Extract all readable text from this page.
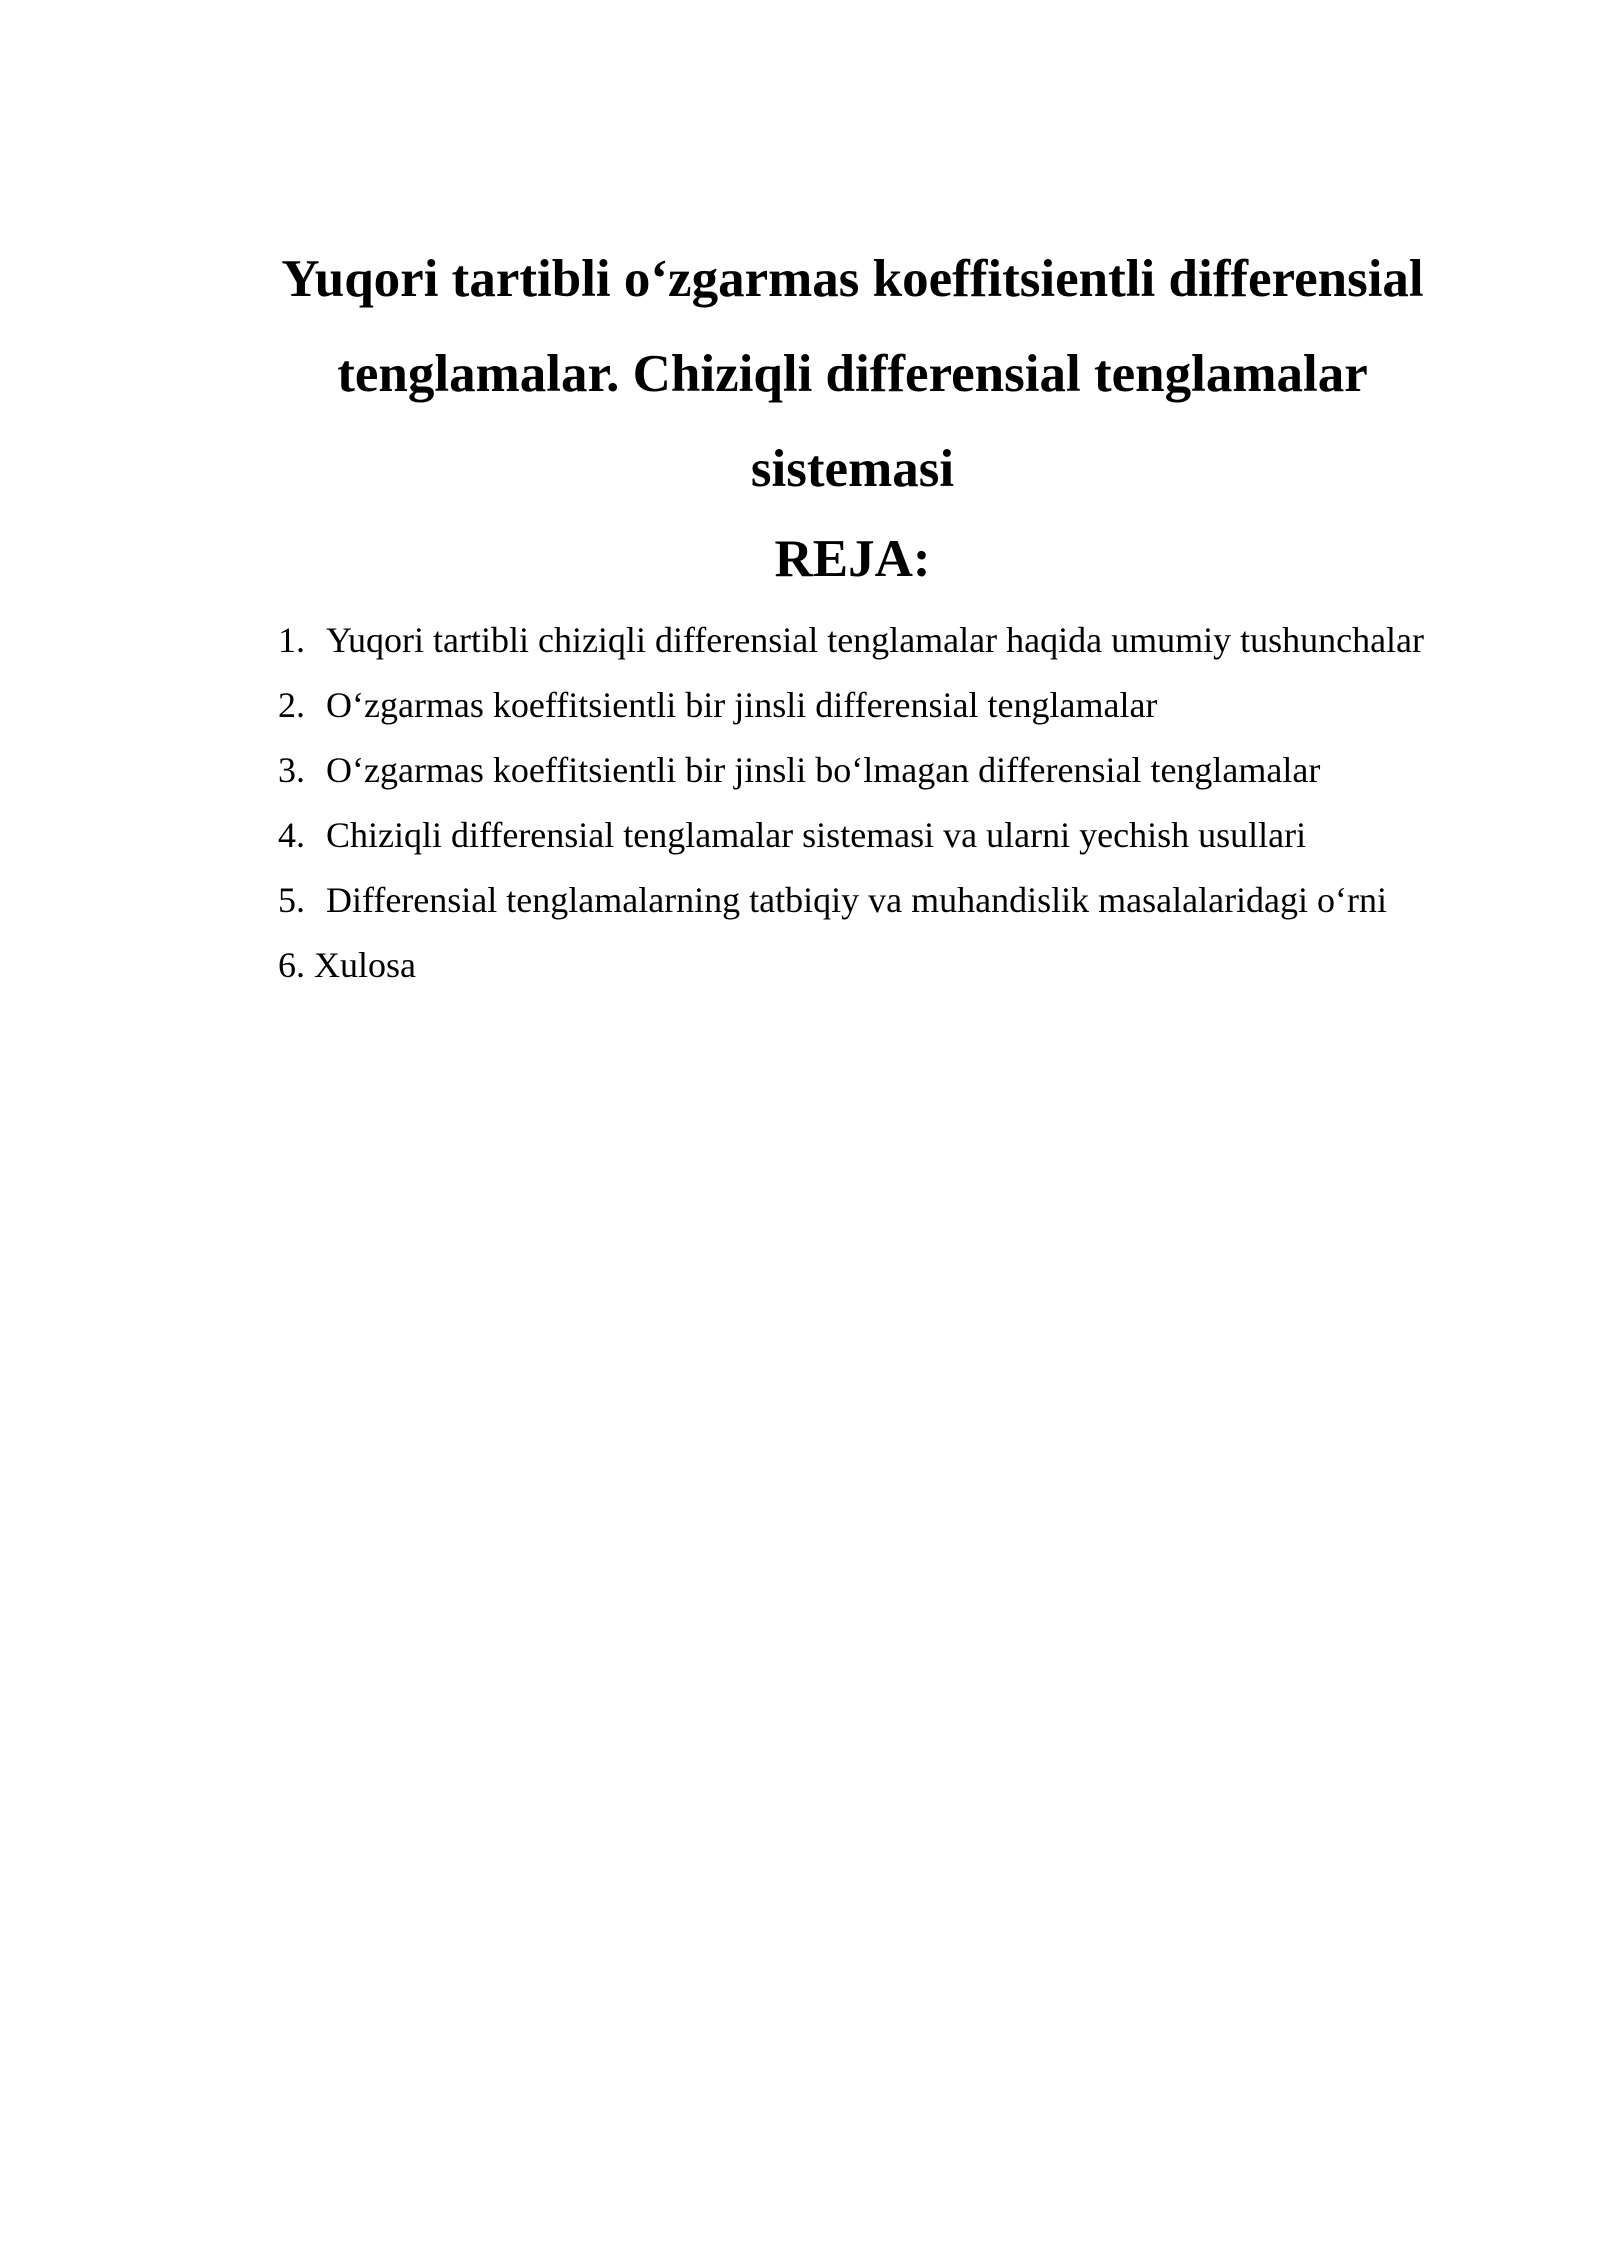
Yuqori tartibli o‘zgarmas koeffitsientli differensial
tenglamalar. Chiziqli differensial tenglamalar
sistemasi
REJA:
1. Yuqori tartibli chiziqli differensial tenglamalar haqida umumiy tushunchalar
2. O‘zgarmas koeffitsientli bir jinsli differensial tenglamalar
3. O‘zgarmas koeffitsientli bir jinsli bo‘lmagan differensial tenglamalar
4. Chiziqli differensial tenglamalar sistemasi va ularni yechish usullari
5. Differensial tenglamalarning tatbiqiy va muhandislik masalalaridagi o‘rni
6. Xulosa
